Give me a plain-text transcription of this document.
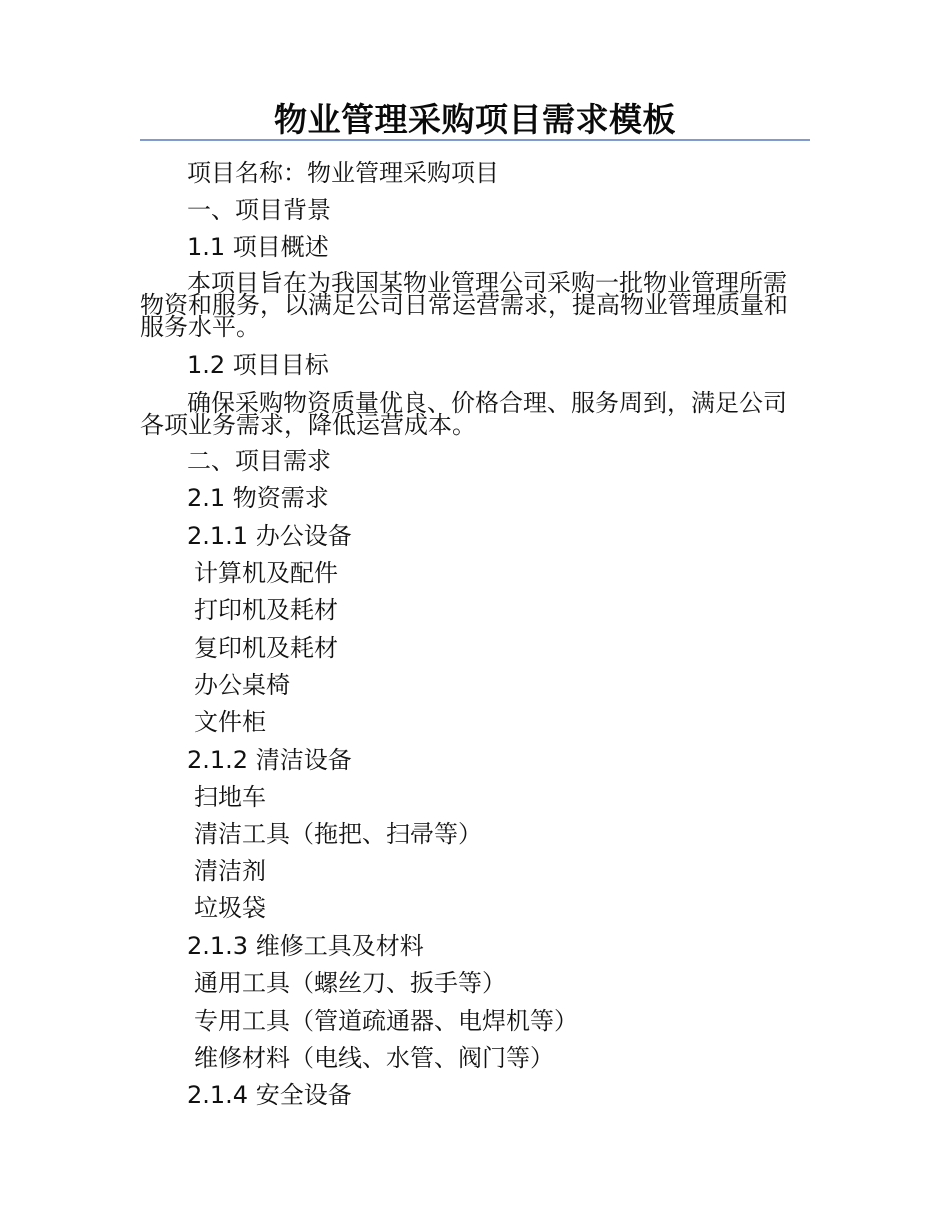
物业管理采购项目需求模板
项目名称：物业管理采购项目
一、项目背景
1.1 项目概述
本项目旨在为我国某物业管理公司采购一批物业管理所需物资和服务，以满足公司日常运营需求，提高物业管理质量和服务水平。
1.2 项目目标
确保采购物资质量优良、价格合理、服务周到，满足公司各项业务需求，降低运营成本。
二、项目需求
2.1 物资需求
2.1.1 办公设备
计算机及配件
打印机及耗材
复印机及耗材
办公桌椅
文件柜
2.1.2 清洁设备
扫地车
清洁工具（拖把、扫帚等）
清洁剂
垃圾袋
2.1.3 维修工具及材料
通用工具（螺丝刀、扳手等）
专用工具（管道疏通器、电焊机等）
维修材料（电线、水管、阀门等）
2.1.4 安全设备
